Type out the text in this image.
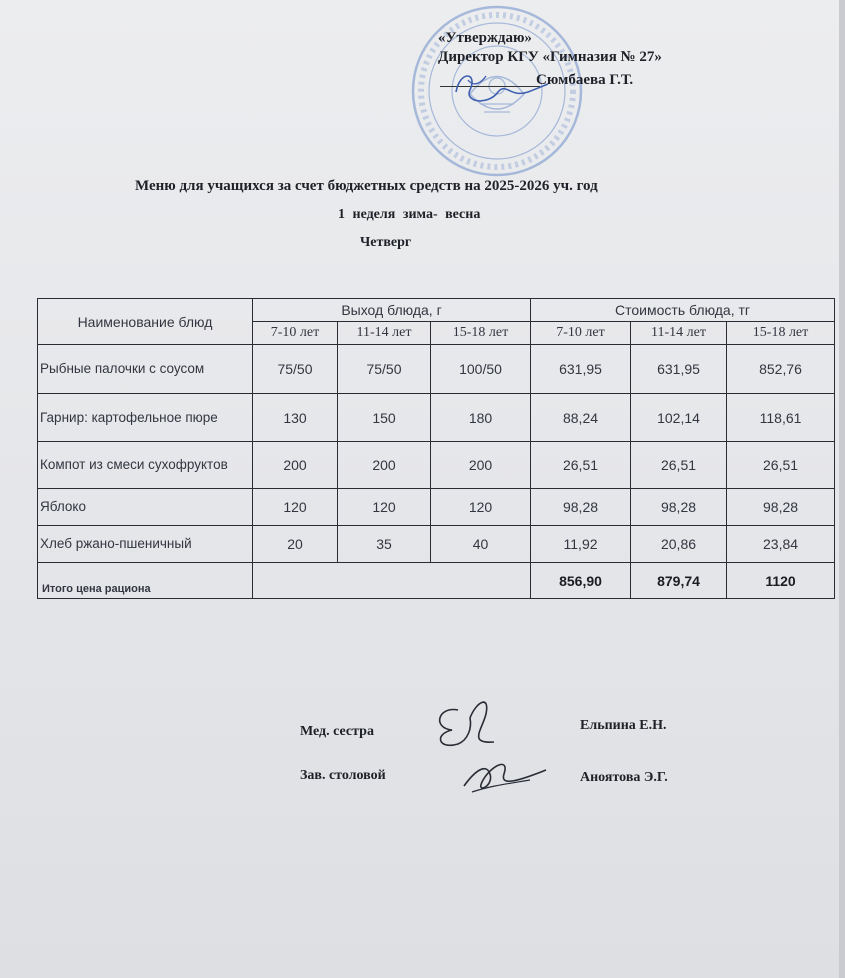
«Утверждаю»
Директор КГУ «Гимназия № 27»
Сюмбаева Г.Т.
Меню для учащихся за счет бюджетных средств на 2025-2026 уч. год
1 неделя зима- весна
Четверг
Наименование блюд	Выход блюда, г			Стоимость блюда, тг		
	7-10 лет	11-14 лет	15-18 лет	7-10 лет	11-14 лет	15-18 лет
Рыбные палочки с соусом	75/50	75/50	100/50	631,95	631,95	852,76
Гарнир: картофельное пюре	130	150	180	88,24	102,14	118,61
Компот из смеси сухофруктов	200	200	200	26,51	26,51	26,51
Яблоко	120	120	120	98,28	98,28	98,28
Хлеб ржано-пшеничный	20	35	40	11,92	20,86	23,84
Итого цена рациона				856,90	879,74	1120
Мед. сестра	Ельпина Е.Н.
Зав. столовой	Аноятова Э.Г.
